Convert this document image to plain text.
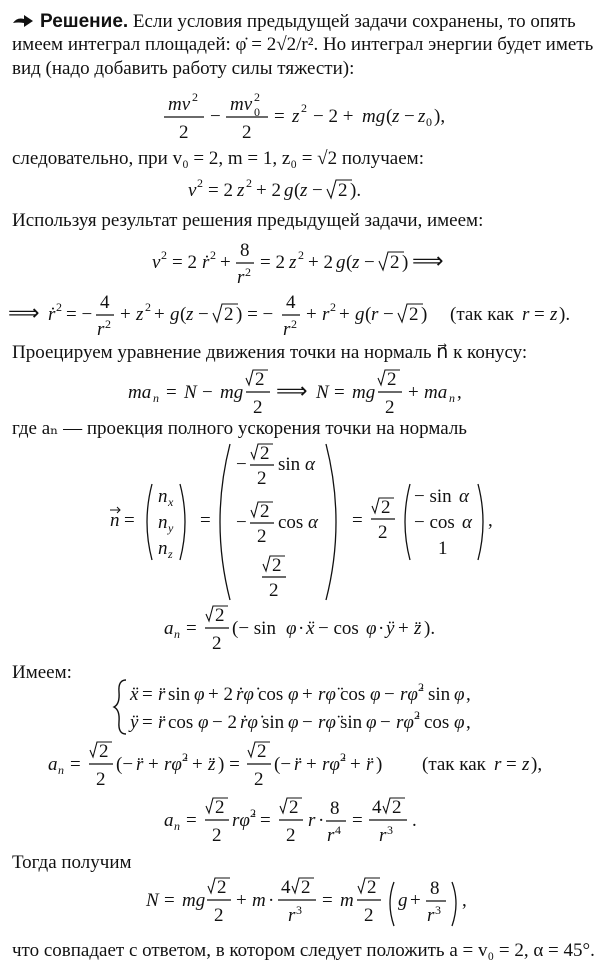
Решение. Если условия предыдущей задачи сохранены, то опять
имеем интеграл площадей: φ̇ = 2√2/r². Но интеграл энергии будет иметь
вид (надо добавить работу силы тяжести):
mv 2
2
−
mv 2
0
2
= z 2 − 2 + mg ( z − z 0 ),
следовательно, при v₀ = 2, m = 1, z₀ = √2 получаем:
v 2 = 2 z 2 + 2 g ( z − 2 ).
Используя результат решения предыдущей задачи, имеем:
v 2 = 2 ṙ 2 +
8
r 2 = 2 z 2 + 2 g ( z − 2 ) ⟹
⟹ ṙ 2 = −
4
r 2 + z 2 + g ( z − 2 ) = −
4
r 2 + r 2 + g ( r − 2 ) (так как r = z ).
Проецируем уравнение движения точки на нормаль n⃗ к конусу:
ma n = N − mg
2
2
⟹ N = mg
2
2
+ ma n ,
где aₙ — проекция полного ускорения точки на нормаль
n =
n x
n y
n z
=
−
2
2
sin α
−
2
2
cos α
2
2
=
2
2
− sin α
− cos α
1
,
a n =
2
2
(− sin φ · ẍ − cos φ · ÿ + z̈ ).
Имеем:
ẍ = r̈ sin φ + 2 ṙφ̇ cos φ + rφ̈ cos φ − rφ̇ 2 sin φ ,
ÿ = r̈ cos φ − 2 ṙφ̇ sin φ − rφ̈ sin φ − rφ̇ 2 cos φ ,
a n =
2
2
(− r̈ + rφ̇ 2 + z̈ ) =
2
2
(− r̈ + rφ̇ 2 + r̈ ) (так как r = z ),
a n =
2
2
rφ̇ 2 =
2
2
r ·
8
r 4 =
4 2
r 3 .
Тогда получим
N = mg
2
2
+ m ·
4 2
r 3 = m
2
2
g +
8
r 3 ,
что совпадает с ответом, в котором следует положить a = v₀ = 2, α = 45°.
